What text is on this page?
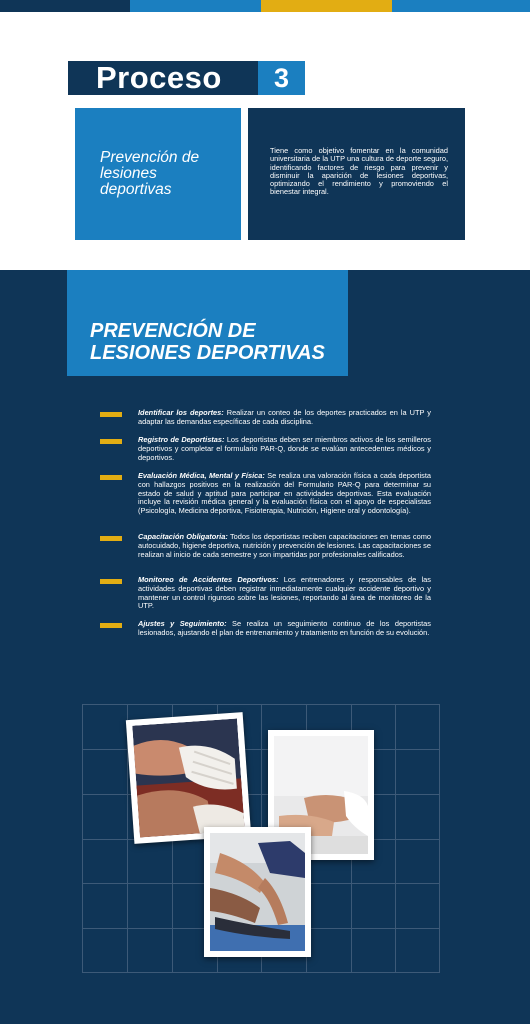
Proceso	3
Prevención de lesiones deportivas
Tiene como objetivo fomentar en la comunidad universitaria de la UTP una cultura de deporte seguro, identificando factores de riesgo para prevenir y disminuir la aparición de lesiones deportivas, optimizando el rendimiento y promoviendo el bienestar integral.
PREVENCIÓN DE
LESIONES DEPORTIVAS
Identificar los deportes: Realizar un conteo de los deportes practicados en la UTP y adaptar las demandas específicas de cada disciplina.
Registro de Deportistas: Los deportistas deben ser miembros activos de los semilleros deportivos y completar el formulario PAR-Q, donde se evalúan antecedentes médicos y deportivos.
Evaluación Médica, Mental y Física: Se realiza una valoración física a cada deportista con hallazgos positivos en la realización del Formulario PAR-Q para determinar su estado de salud y aptitud para participar en actividades deportivas. Esta evaluación incluye la revisión médica general y la evaluación física con el apoyo de especialistas (Psicología, Medicina deportiva, Fisioterapia, Nutrición, Higiene oral y odontología).
Capacitación Obligatoria: Todos los deportistas reciben capacitaciones en temas como autocuidado, higiene deportiva, nutrición y prevención de lesiones. Las capacitaciones se realizan al inicio de cada semestre y son impartidas por profesionales calificados.
Monitoreo de Accidentes Deportivos: Los entrenadores y responsables de las actividades deportivas deben registrar inmediatamente cualquier accidente deportivo y mantener un control riguroso sobre las lesiones, reportando al área de monitoreo de la UTP.
Ajustes y Seguimiento: Se realiza un seguimiento continuo de los deportistas lesionados, ajustando el plan de entrenamiento y tratamiento en función de su evolución.
